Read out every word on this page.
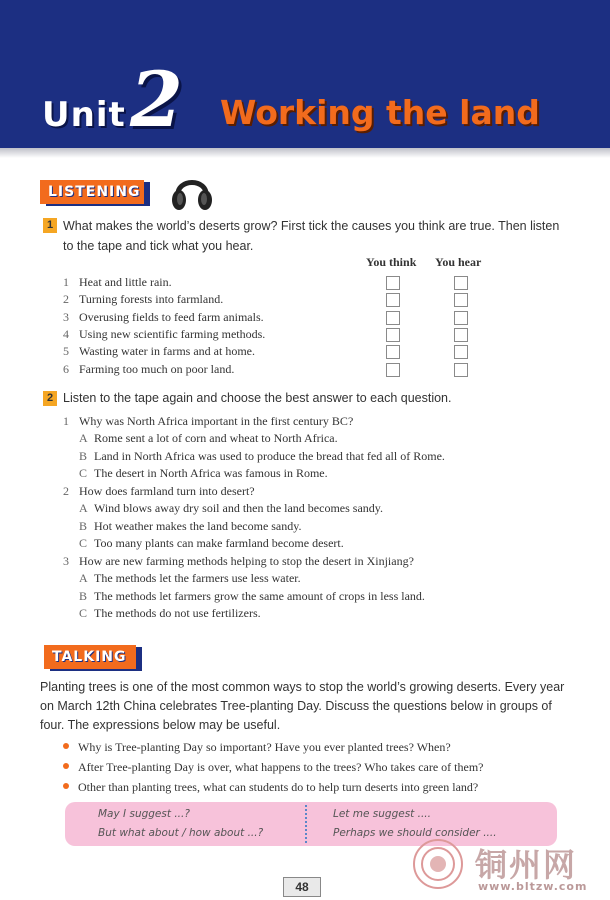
Unit 2 Working the land
LISTENING
1 What makes the world’s deserts grow? First tick the causes you think are true. Then listen to the tape and tick what you hear.
You think You hear
1 Heat and little rain.
2 Turning forests into farmland.
3 Overusing fields to feed farm animals.
4 Using new scientific farming methods.
5 Wasting water in farms and at home.
6 Farming too much on poor land.
2 Listen to the tape again and choose the best answer to each question.
1 Why was North Africa important in the first century BC?
A Rome sent a lot of corn and wheat to North Africa.
B Land in North Africa was used to produce the bread that fed all of Rome.
C The desert in North Africa was famous in Rome.
2 How does farmland turn into desert?
A Wind blows away dry soil and then the land becomes sandy.
B Hot weather makes the land become sandy.
C Too many plants can make farmland become desert.
3 How are new farming methods helping to stop the desert in Xinjiang?
A The methods let the farmers use less water.
B The methods let farmers grow the same amount of crops in less land.
C The methods do not use fertilizers.
TALKING
Planting trees is one of the most common ways to stop the world’s growing deserts. Every year on March 12th China celebrates Tree-planting Day. Discuss the questions below in groups of four. The expressions below may be useful.
Why is Tree-planting Day so important? Have you ever planted trees? When?
After Tree-planting Day is over, what happens to the trees? Who takes care of them?
Other than planting trees, what can students do to help turn deserts into green land?
May I suggest ...?
But what about / how about ...?
Let me suggest ....
Perhaps we should consider ....
铜州网
www.bltzw.com
48
